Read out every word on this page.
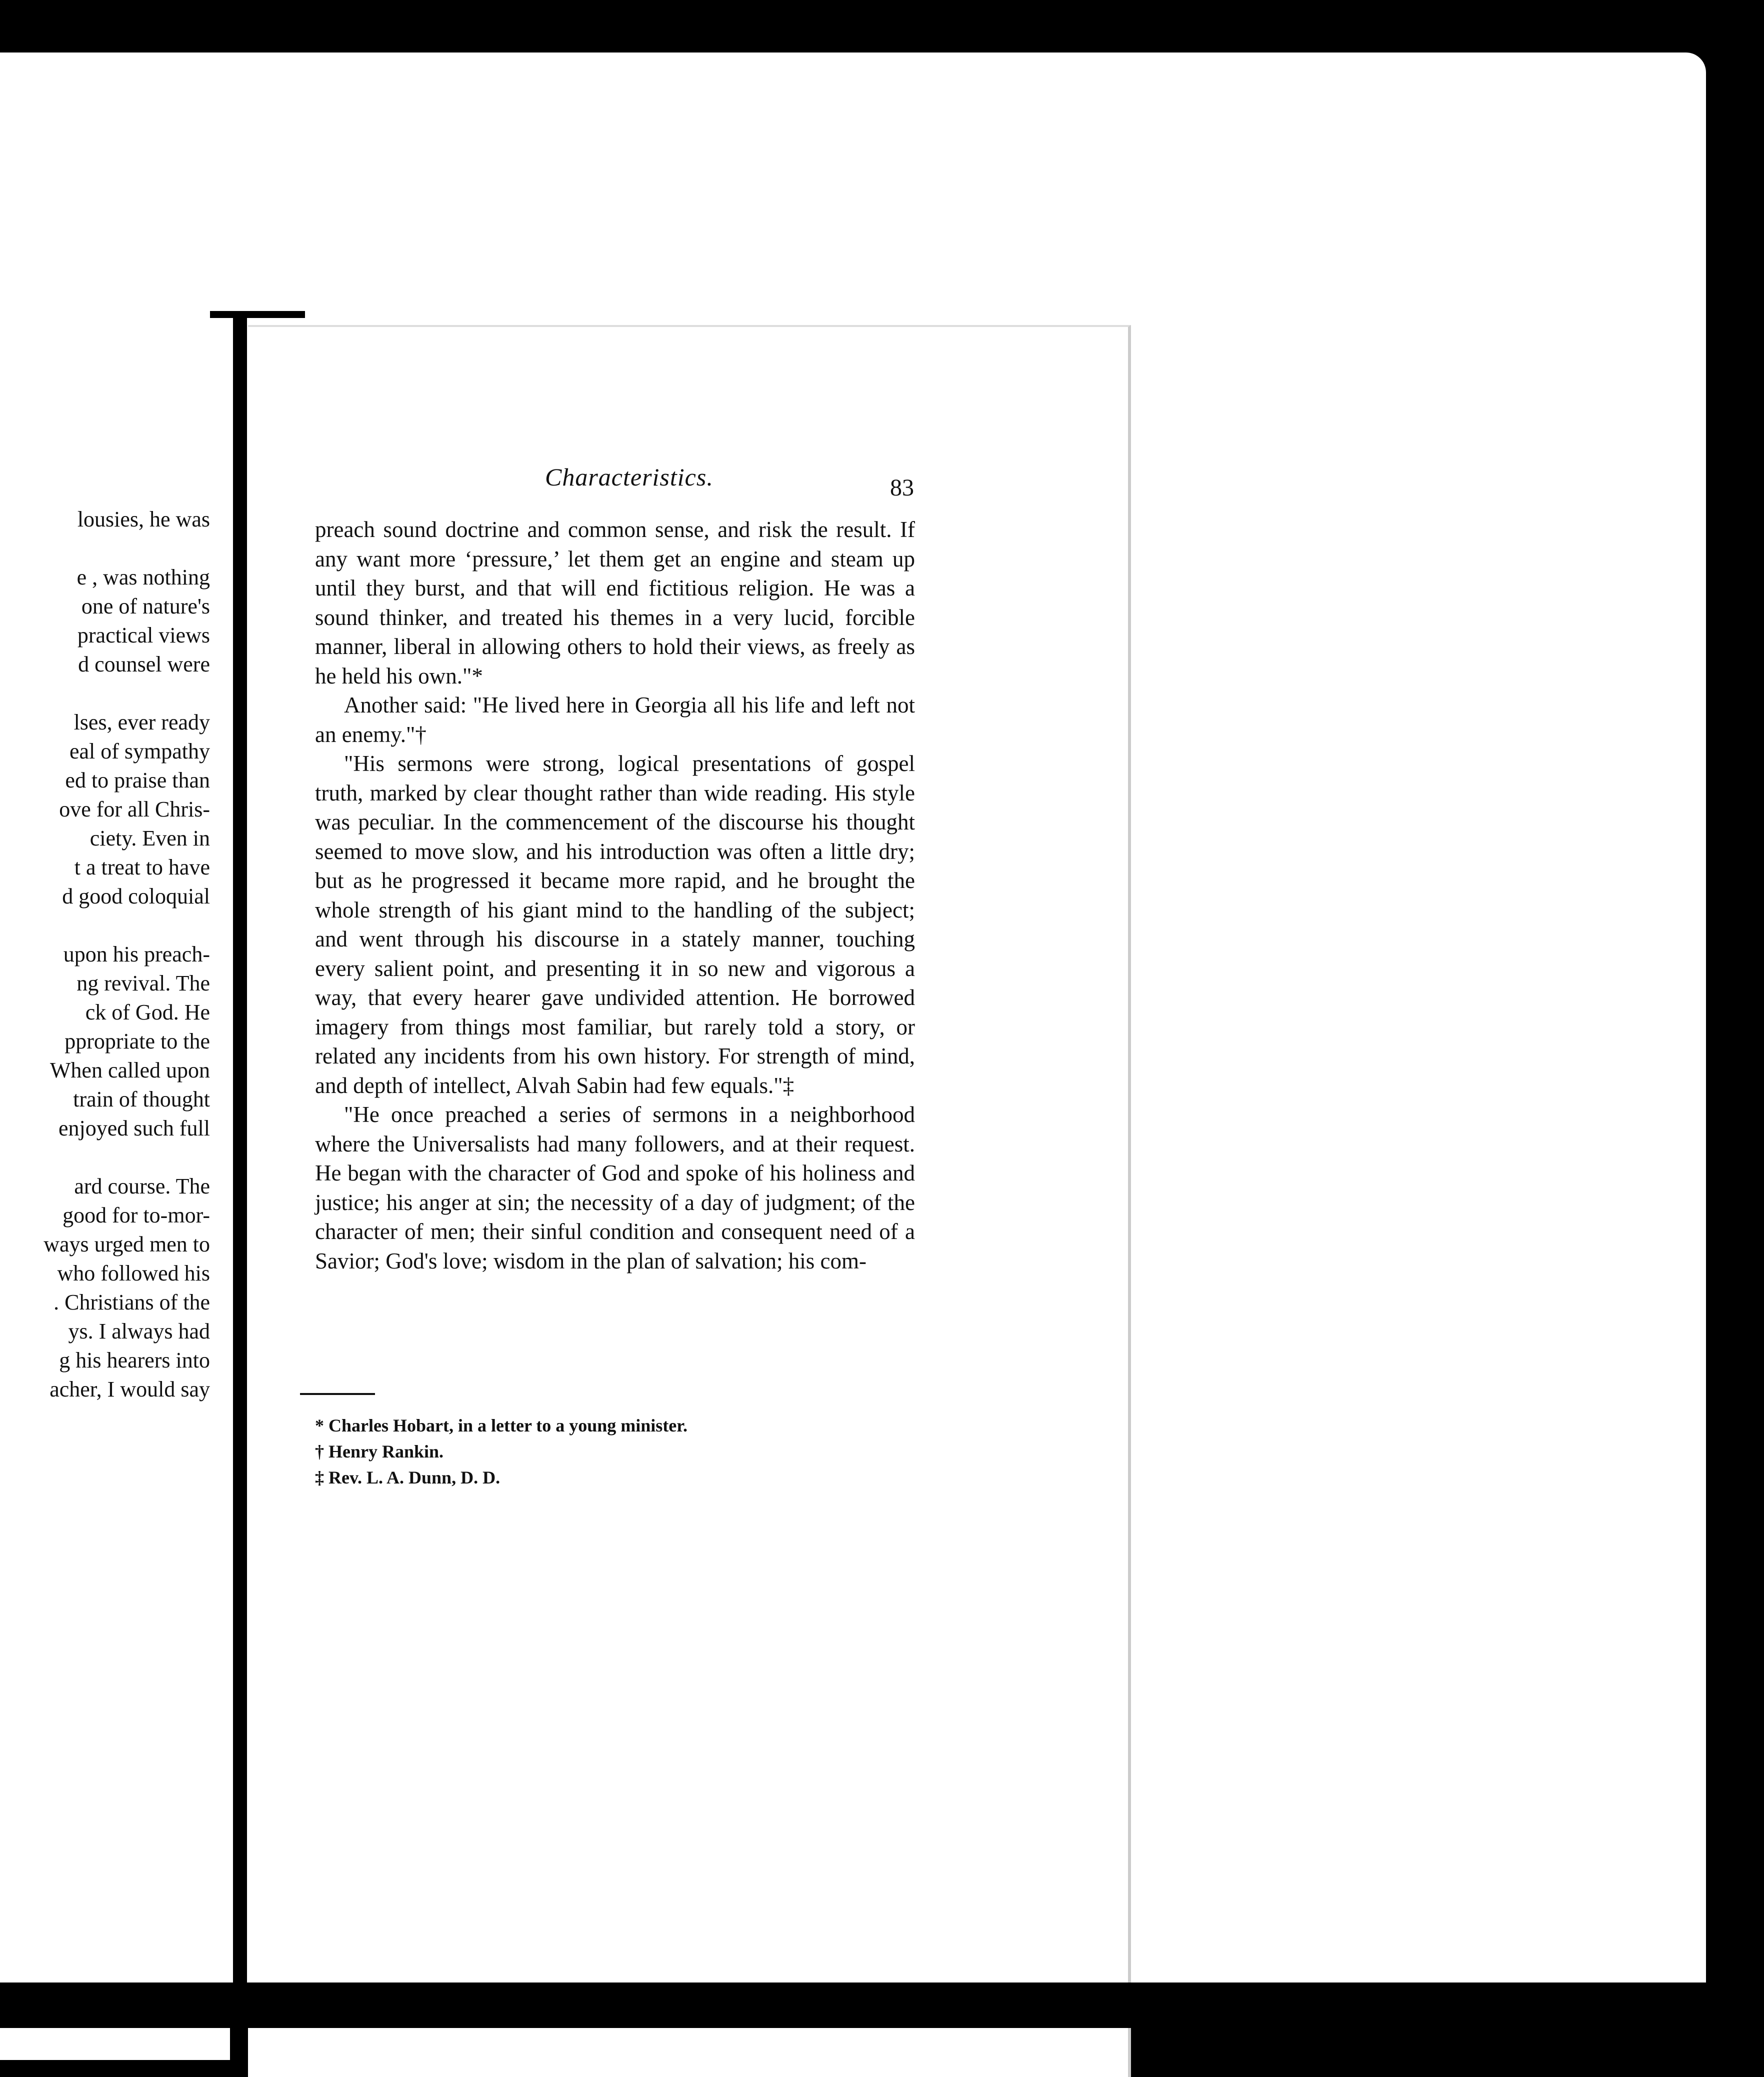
lousies, he was

e , was nothing
one of nature's
practical views
d counsel were

lses, ever ready
eal of sympathy
ed to praise than
ove for all Chris-
ciety. Even in
t a treat to have
d good coloquial

upon his preach-
ng revival. The
ck of God. He
ppropriate to the
When called upon
train of thought
enjoyed such full

ard course. The
good for to-mor-
ways urged men to
who followed his
. Christians of the
ys. I always had
g his hearers into
acher, I would say
Characteristics.	83

preach sound doctrine and common sense, and risk the result. If any want more ‘pressure,’ let them get an engine and steam up until they burst, and that will end fictitious religion. He was a sound thinker, and treated his themes in a very lucid, forcible manner, liberal in allowing others to hold their views, as freely as he held his own."*

Another said: "He lived here in Georgia all his life and left not an enemy."†

"His sermons were strong, logical presentations of gospel truth, marked by clear thought rather than wide reading. His style was peculiar. In the commencement of the discourse his thought seemed to move slow, and his introduction was often a little dry; but as he progressed it became more rapid, and he brought the whole strength of his giant mind to the handling of the subject; and went through his discourse in a stately manner, touching every salient point, and presenting it in so new and vigorous a way, that every hearer gave undivided attention. He borrowed imagery from things most familiar, but rarely told a story, or related any incidents from his own history. For strength of mind, and depth of intellect, Alvah Sabin had few equals."‡

"He once preached a series of sermons in a neighborhood where the Universalists had many followers, and at their request. He began with the character of God and spoke of his holiness and justice; his anger at sin; the necessity of a day of judgment; of the character of men; their sinful condition and consequent need of a Savior; God's love; wisdom in the plan of salvation; his com-

* Charles Hobart, in a letter to a young minister.
† Henry Rankin.
‡ Rev. L. A. Dunn, D. D.
